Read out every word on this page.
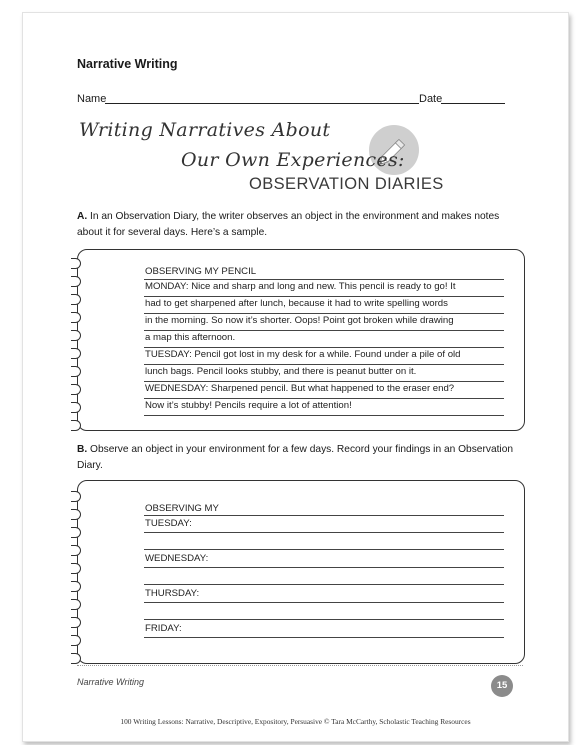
Narrative Writing
Name	Date
Writing Narratives About
Our Own Experiences:
OBSERVATION DIARIES
A. In an Observation Diary, the writer observes an object in the environment and makes notes about it for several days. Here’s a sample.
OBSERVING MY PENCIL
MONDAY: Nice and sharp and long and new. This pencil is ready to go! It
had to get sharpened after lunch, because it had to write spelling words
in the morning. So now it’s shorter. Oops! Point got broken while drawing
a map this afternoon.
TUESDAY: Pencil got lost in my desk for a while. Found under a pile of old
lunch bags. Pencil looks stubby, and there is peanut butter on it.
WEDNESDAY: Sharpened pencil. But what happened to the eraser end?
Now it’s stubby! Pencils require a lot of attention!
B. Observe an object in your environment for a few days. Record your findings in an Observation Diary.
OBSERVING MY
TUESDAY:
WEDNESDAY:
THURSDAY:
FRIDAY:
Narrative Writing	15
100 Writing Lessons: Narrative, Descriptive, Expository, Persuasive © Tara McCarthy, Scholastic Teaching Resources
